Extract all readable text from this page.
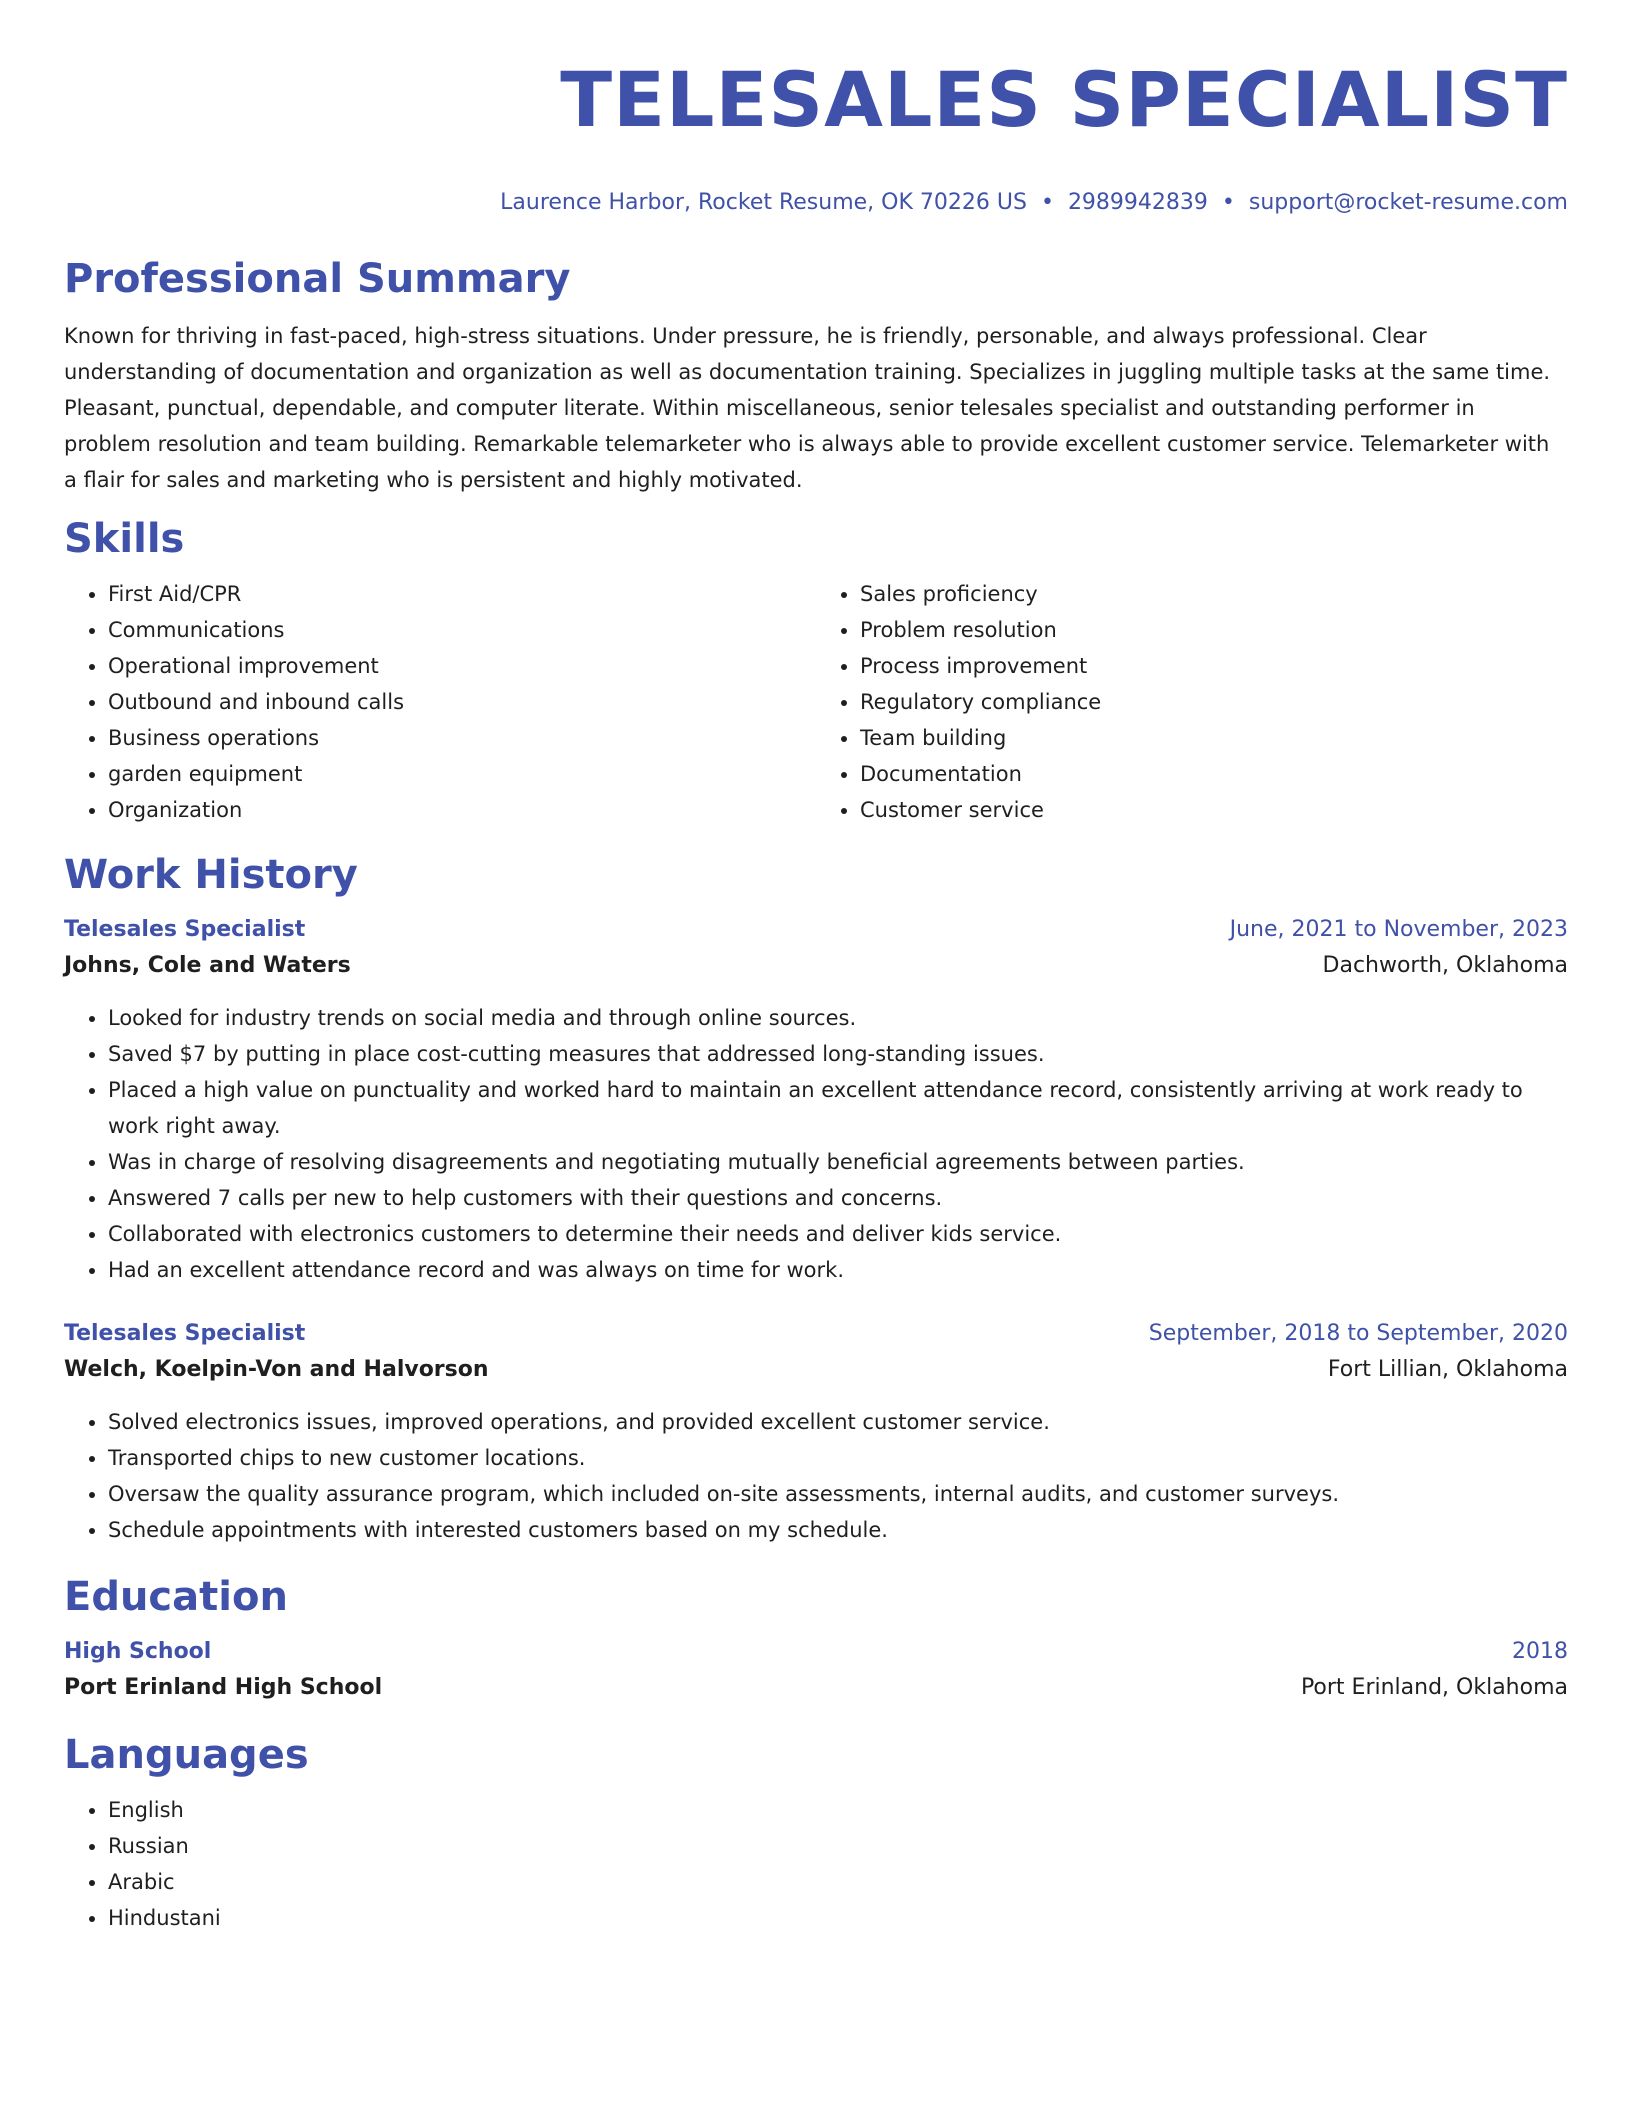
TELESALES SPECIALIST
Laurence Harbor, Rocket Resume, OK 70226 US • 2989942839 • support@rocket-resume.com
Professional Summary
Known for thriving in fast-paced, high-stress situations. Under pressure, he is friendly, personable, and always professional. Clear understanding of documentation and organization as well as documentation training. Specializes in juggling multiple tasks at the same time. Pleasant, punctual, dependable, and computer literate. Within miscellaneous, senior telesales specialist and outstanding performer in problem resolution and team building. Remarkable telemarketer who is always able to provide excellent customer service. Telemarketer with a flair for sales and marketing who is persistent and highly motivated.
Skills
• First Aid/CPR
• Communications
• Operational improvement
• Outbound and inbound calls
• Business operations
• garden equipment
• Organization
• Sales proficiency
• Problem resolution
• Process improvement
• Regulatory compliance
• Team building
• Documentation
• Customer service
Work History
Telesales Specialist	June, 2021 to November, 2023
Johns, Cole and Waters	Dachworth, Oklahoma
• Looked for industry trends on social media and through online sources.
• Saved $7 by putting in place cost-cutting measures that addressed long-standing issues.
• Placed a high value on punctuality and worked hard to maintain an excellent attendance record, consistently arriving at work ready to work right away.
• Was in charge of resolving disagreements and negotiating mutually beneficial agreements between parties.
• Answered 7 calls per new to help customers with their questions and concerns.
• Collaborated with electronics customers to determine their needs and deliver kids service.
• Had an excellent attendance record and was always on time for work.
Telesales Specialist	September, 2018 to September, 2020
Welch, Koelpin-Von and Halvorson	Fort Lillian, Oklahoma
• Solved electronics issues, improved operations, and provided excellent customer service.
• Transported chips to new customer locations.
• Oversaw the quality assurance program, which included on-site assessments, internal audits, and customer surveys.
• Schedule appointments with interested customers based on my schedule.
Education
High School	2018
Port Erinland High School	Port Erinland, Oklahoma
Languages
• English
• Russian
• Arabic
• Hindustani
